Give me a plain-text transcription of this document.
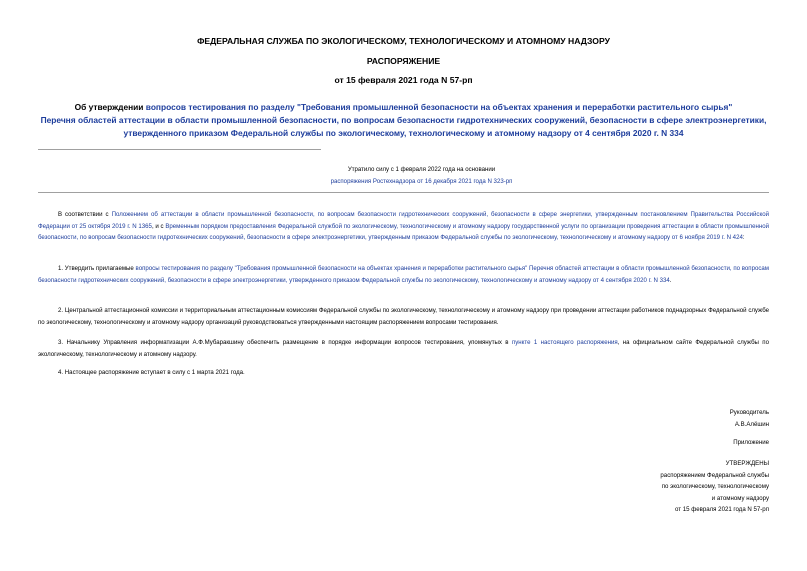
ФЕДЕРАЛЬНАЯ СЛУЖБА ПО ЭКОЛОГИЧЕСКОМУ, ТЕХНОЛОГИЧЕСКОМУ И АТОМНОМУ НАДЗОРУ
РАСПОРЯЖЕНИЕ
от 15 февраля 2021 года N 57-рп
Об утверждении вопросов тестирования по разделу "Требования промышленной безопасности на объектах хранения и переработки растительного сырья"
Перечня областей аттестации в области промышленной безопасности, по вопросам безопасности гидротехнических сооружений, безопасности в сфере электроэнергетики, утвержденного приказом Федеральной службы по экологическому, технологическому и атомному надзору от 4 сентября 2020 г. N 334
Утратило силу с 1 февраля 2022 года на основании
распоряжения Ростехнадзора от 16 декабря 2021 года N 323-рп
В соответствии с Положением об аттестации в области промышленной безопасности, по вопросам безопасности гидротехнических сооружений, безопасности в сфере энергетики, утвержденным постановлением Правительства Российской Федерации от 25 октября 2019 г. N 1365, и с Временным порядком предоставления Федеральной службой по экологическому, технологическому и атомному надзору государственной услуги по организации проведения аттестации в области промышленной безопасности, по вопросам безопасности гидротехнических сооружений, безопасности в сфере электроэнергетики, утвержденным приказом Федеральной службы по экологическому, технологическому и атомному надзору от 6 ноября 2019 г. N 424:
1. Утвердить прилагаемые вопросы тестирования по разделу "Требования промышленной безопасности на объектах хранения и переработки растительного сырья" Перечня областей аттестации в области промышленной безопасности, по вопросам безопасности гидротехнических сооружений, безопасности в сфере электроэнергетики, утвержденного приказом Федеральной службы по экологическому, технологическому и атомному надзору от 4 сентября 2020 г. N 334.
2. Центральной аттестационной комиссии и территориальным аттестационным комиссиям Федеральной службы по экологическому, технологическому и атомному надзору при проведении аттестации работников поднадзорных Федеральной службе по экологическому, технологическому и атомному надзору организаций руководствоваться утвержденными настоящим распоряжением вопросами тестирования.
3. Начальнику Управления информатизации А.Ф.Мубаракшину обеспечить размещение в порядке информации вопросов тестирования, упомянутых в пункте 1 настоящего распоряжения, на официальном сайте Федеральной службы по экологическому, технологическому и атомному надзору.
4. Настоящее распоряжение вступает в силу с 1 марта 2021 года.
Руководитель
А.В.Алёшин
Приложение
УТВЕРЖДЕНЫ
распоряжением Федеральной службы
по экологическому, технологическому
и атомному надзору
от 15 февраля 2021 года N 57-рп
